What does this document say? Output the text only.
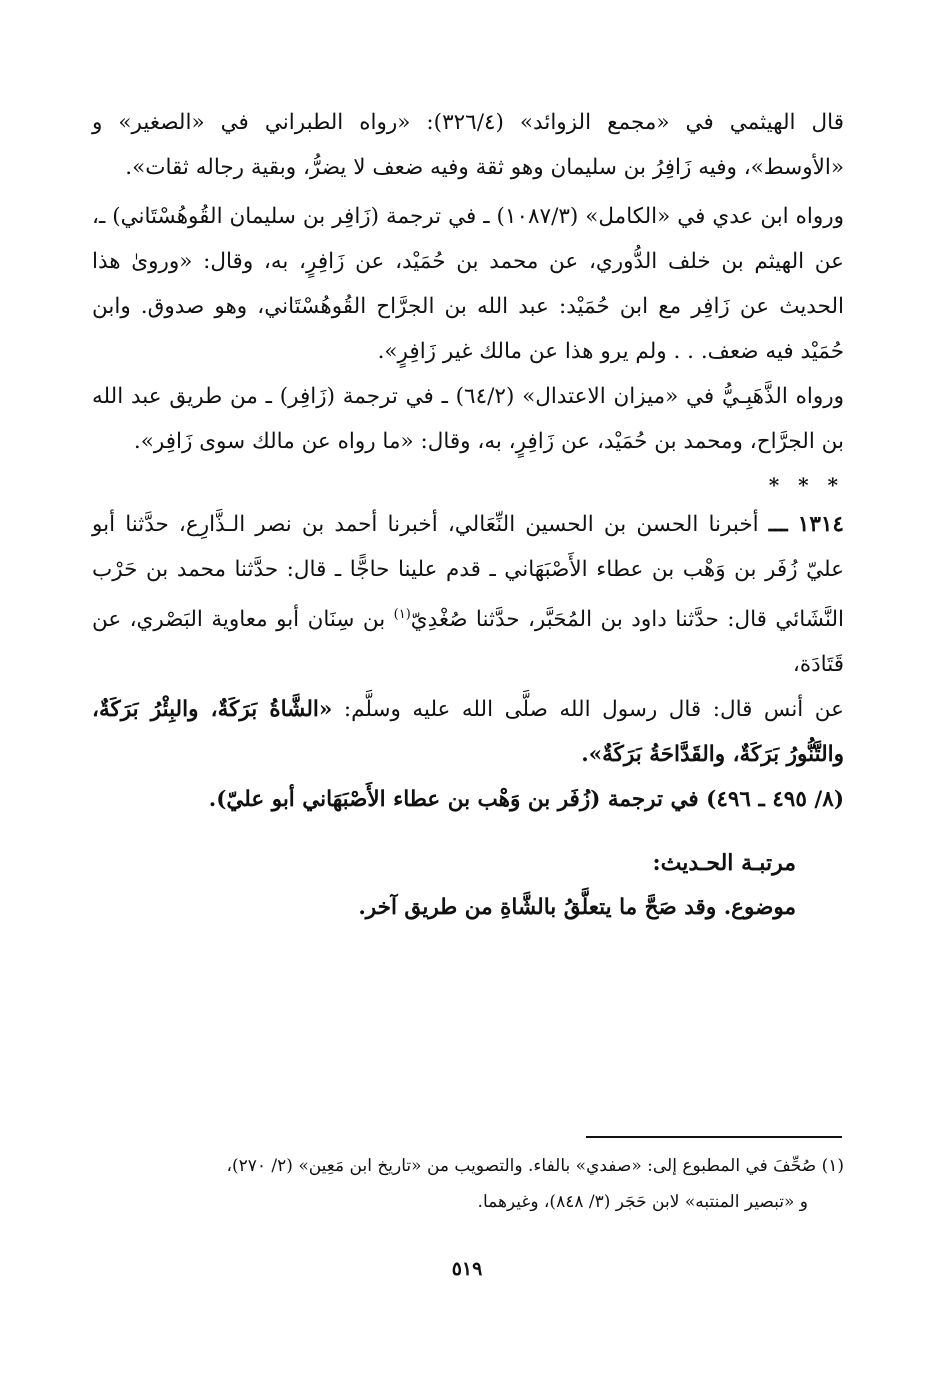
قال الهيثمي في «مجمع الزوائد» (٣٢٦/٤): «رواه الطبراني في «الصغير» و «الأوسط»، وفيه زَافِرُ بن سليمان وهو ثقة وفيه ضعف لا يضرُّ، وبقية رجاله ثقات».

ورواه ابن عدي في «الكامل» (١٠٨٧/٣) ـ في ترجمة (زَافِر بن سليمان القُوهُسْتَاني) ـ، عن الهيثم بن خلف الدُّوري، عن محمد بن حُمَيْد، عن زَافِرٍ، به، وقال: «وروىٰ هذا الحديث عن زَافِر مع ابن حُمَيْد: عبد الله بن الجرَّاح القُوهُسْتَاني، وهو صدوق. وابن حُمَيْد فيه ضعف. . . ولم يرو هذا عن مالك غير زَافِرٍ».

ورواه الذَّهَبِـيُّ في «ميزان الاعتدال» (٦٤/٢) ـ في ترجمة (زَافِر) ـ من طريق عبد الله بن الجرَّاح، ومحمد بن حُمَيْد، عن زَافِرٍ، به، وقال: «ما رواه عن مالك سوى زَافِر».

* * *

١٣١٤ ـــ أخبرنا الحسن بن الحسين النِّعَالي، أخبرنا أحمد بن نصر الـذَّارِع، حدَّثنا أبو عليّ زُفَر بن وَهْب بن عطاء الأَصْبَهَاني ـ قدم علينا حاجًّا ـ قال: حدَّثنا محمد بن حَرْب النَّشَائي قال: حدَّثنا داود بن المُحَبَّر، حدَّثنا صُغْدِيّ$^{(١)}$ بن سِنَان أبو معاوية البَصْري، عن قَتَادَة،

عن أنس قال: قال رسول الله صلَّى الله عليه وسلَّم: «الشَّاةُ بَرَكَةٌ، والبِئْرُ بَرَكَةٌ، والتَّنُّورُ بَرَكَةٌ، والقَدَّاحَةُ بَرَكَةٌ».

(٨/ ٤٩٥ ـ ٤٩٦) في ترجمة (زُفَر بن وَهْب بن عطاء الأَصْبَهَاني أبو عليّ).

مرتبـة الحـديث:
موضوع. وقد صَحَّ ما يتعلَّقُ بالشَّاةِ من طريق آخر.

(١) صُحِّفَ في المطبوع إلى: «صفدي» بالفاء. والتصويب من «تاريخ ابن مَعِين» (٢/ ٢٧٠)،
و «تبصير المنتبه» لابن حَجَر (٣/ ٨٤٨)، وغيرهما.

٥١٩
